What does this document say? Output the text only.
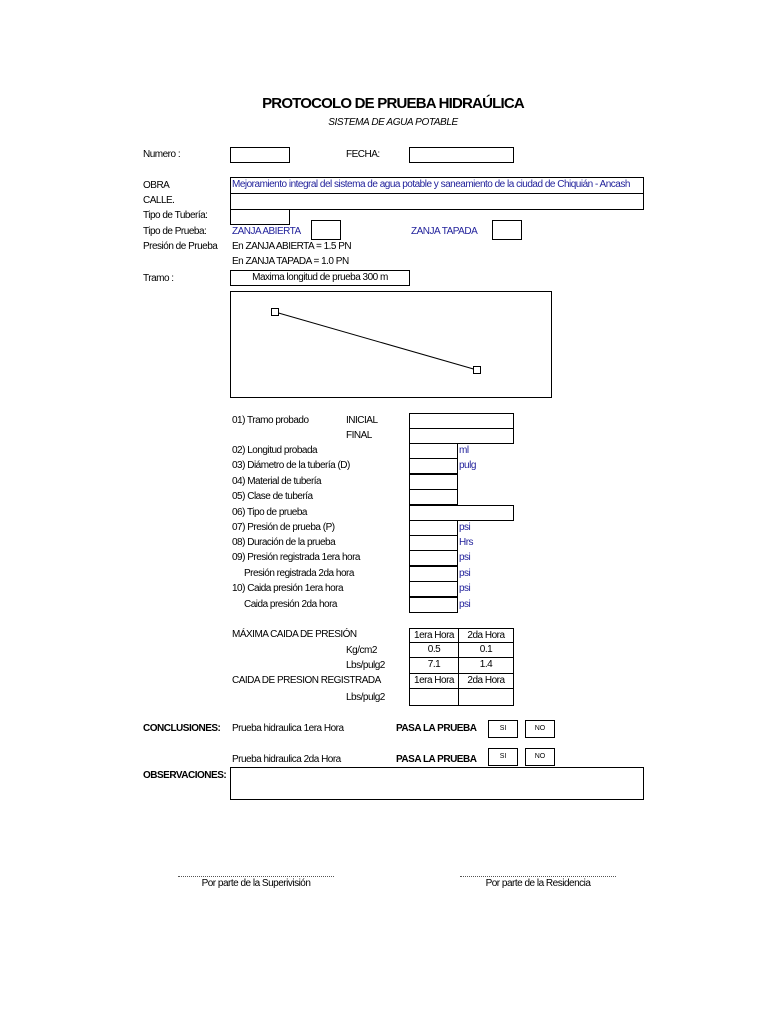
PROTOCOLO DE PRUEBA HIDRAÚLICA
SISTEMA DE AGUA POTABLE
Numero :	FECHA:
OBRA	Mejoramiento integral del sistema de agua potable y saneamiento de la ciudad de Chiquián - Ancash
CALLE.
Tipo de Tubería:
Tipo de Prueba:	ZANJA ABIERTA	ZANJA TAPADA
Presión de Prueba En ZANJA ABIERTA = 1.5 PN
En ZANJA TAPADA = 1.0 PN
Tramo :	Maxima longitud de prueba 300 m
01) Tramo probado	INICIAL
FINAL
02) Longitud probada	ml
03) Diámetro de la tubería (D)	pulg
04) Material de tubería
05) Clase de tubería
06) Tipo de prueba
07) Presión de prueba (P)	psi
08) Duración de la prueba	Hrs
09) Presión registrada 1era hora	psi
Presión registrada 2da hora	psi
10) Caida presión 1era hora	psi
Caida presión 2da hora	psi
MÁXIMA CAIDA DE PRESIÓN	1era Hora	2da Hora
Kg/cm2	0.5	0.1
Lbs/pulg2	7.1	1.4
CAIDA DE PRESION REGISTRADA	1era Hora	2da Hora
Lbs/pulg2
CONCLUSIONES: Prueba hidraulica 1era Hora	PASA LA PRUEBA	SI	NO
Prueba hidraulica 2da Hora	PASA LA PRUEBA	SI	NO
OBSERVACIONES:
Por parte de la Superivisión	Por parte de la Residencia
